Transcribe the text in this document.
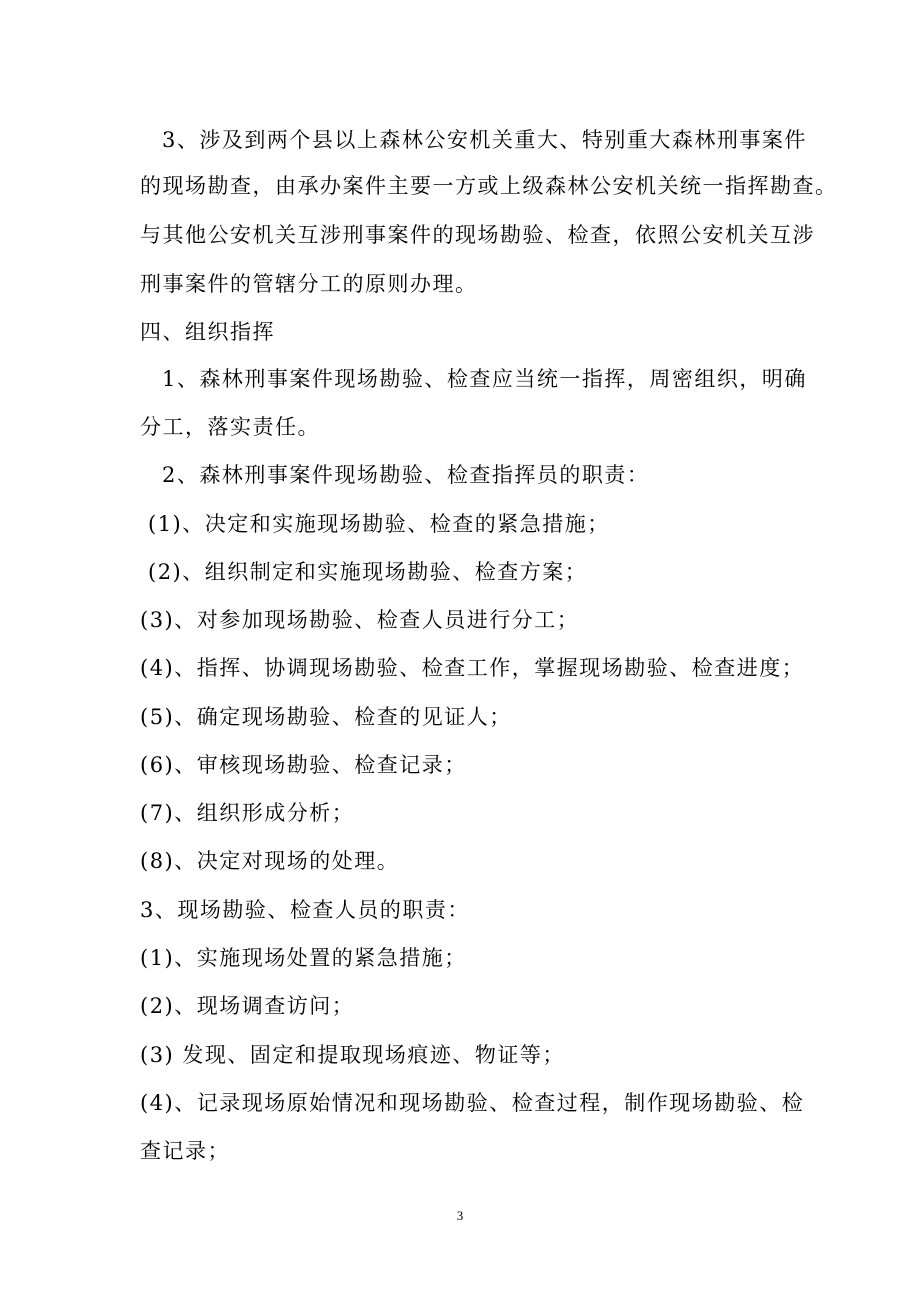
3、涉及到两个县以上森林公安机关重大、特别重大森林刑事案件
的现场勘查，由承办案件主要一方或上级森林公安机关统一指挥勘查。
与其他公安机关互涉刑事案件的现场勘验、检查，依照公安机关互涉
刑事案件的管辖分工的原则办理。
四、组织指挥
1、森林刑事案件现场勘验、检查应当统一指挥，周密组织，明确
分工，落实责任。
2、森林刑事案件现场勘验、检查指挥员的职责：
(1)、决定和实施现场勘验、检查的紧急措施；
(2)、组织制定和实施现场勘验、检查方案；
(3)、对参加现场勘验、检查人员进行分工；
(4)、指挥、协调现场勘验、检查工作，掌握现场勘验、检查进度；
(5)、确定现场勘验、检查的见证人；
(6)、审核现场勘验、检查记录；
(7)、组织形成分析；
(8)、决定对现场的处理。
3、现场勘验、检查人员的职责：
(1)、实施现场处置的紧急措施；
(2)、现场调查访问；
(3) 发现、固定和提取现场痕迹、物证等；
(4)、记录现场原始情况和现场勘验、检查过程，制作现场勘验、检
查记录；
3
